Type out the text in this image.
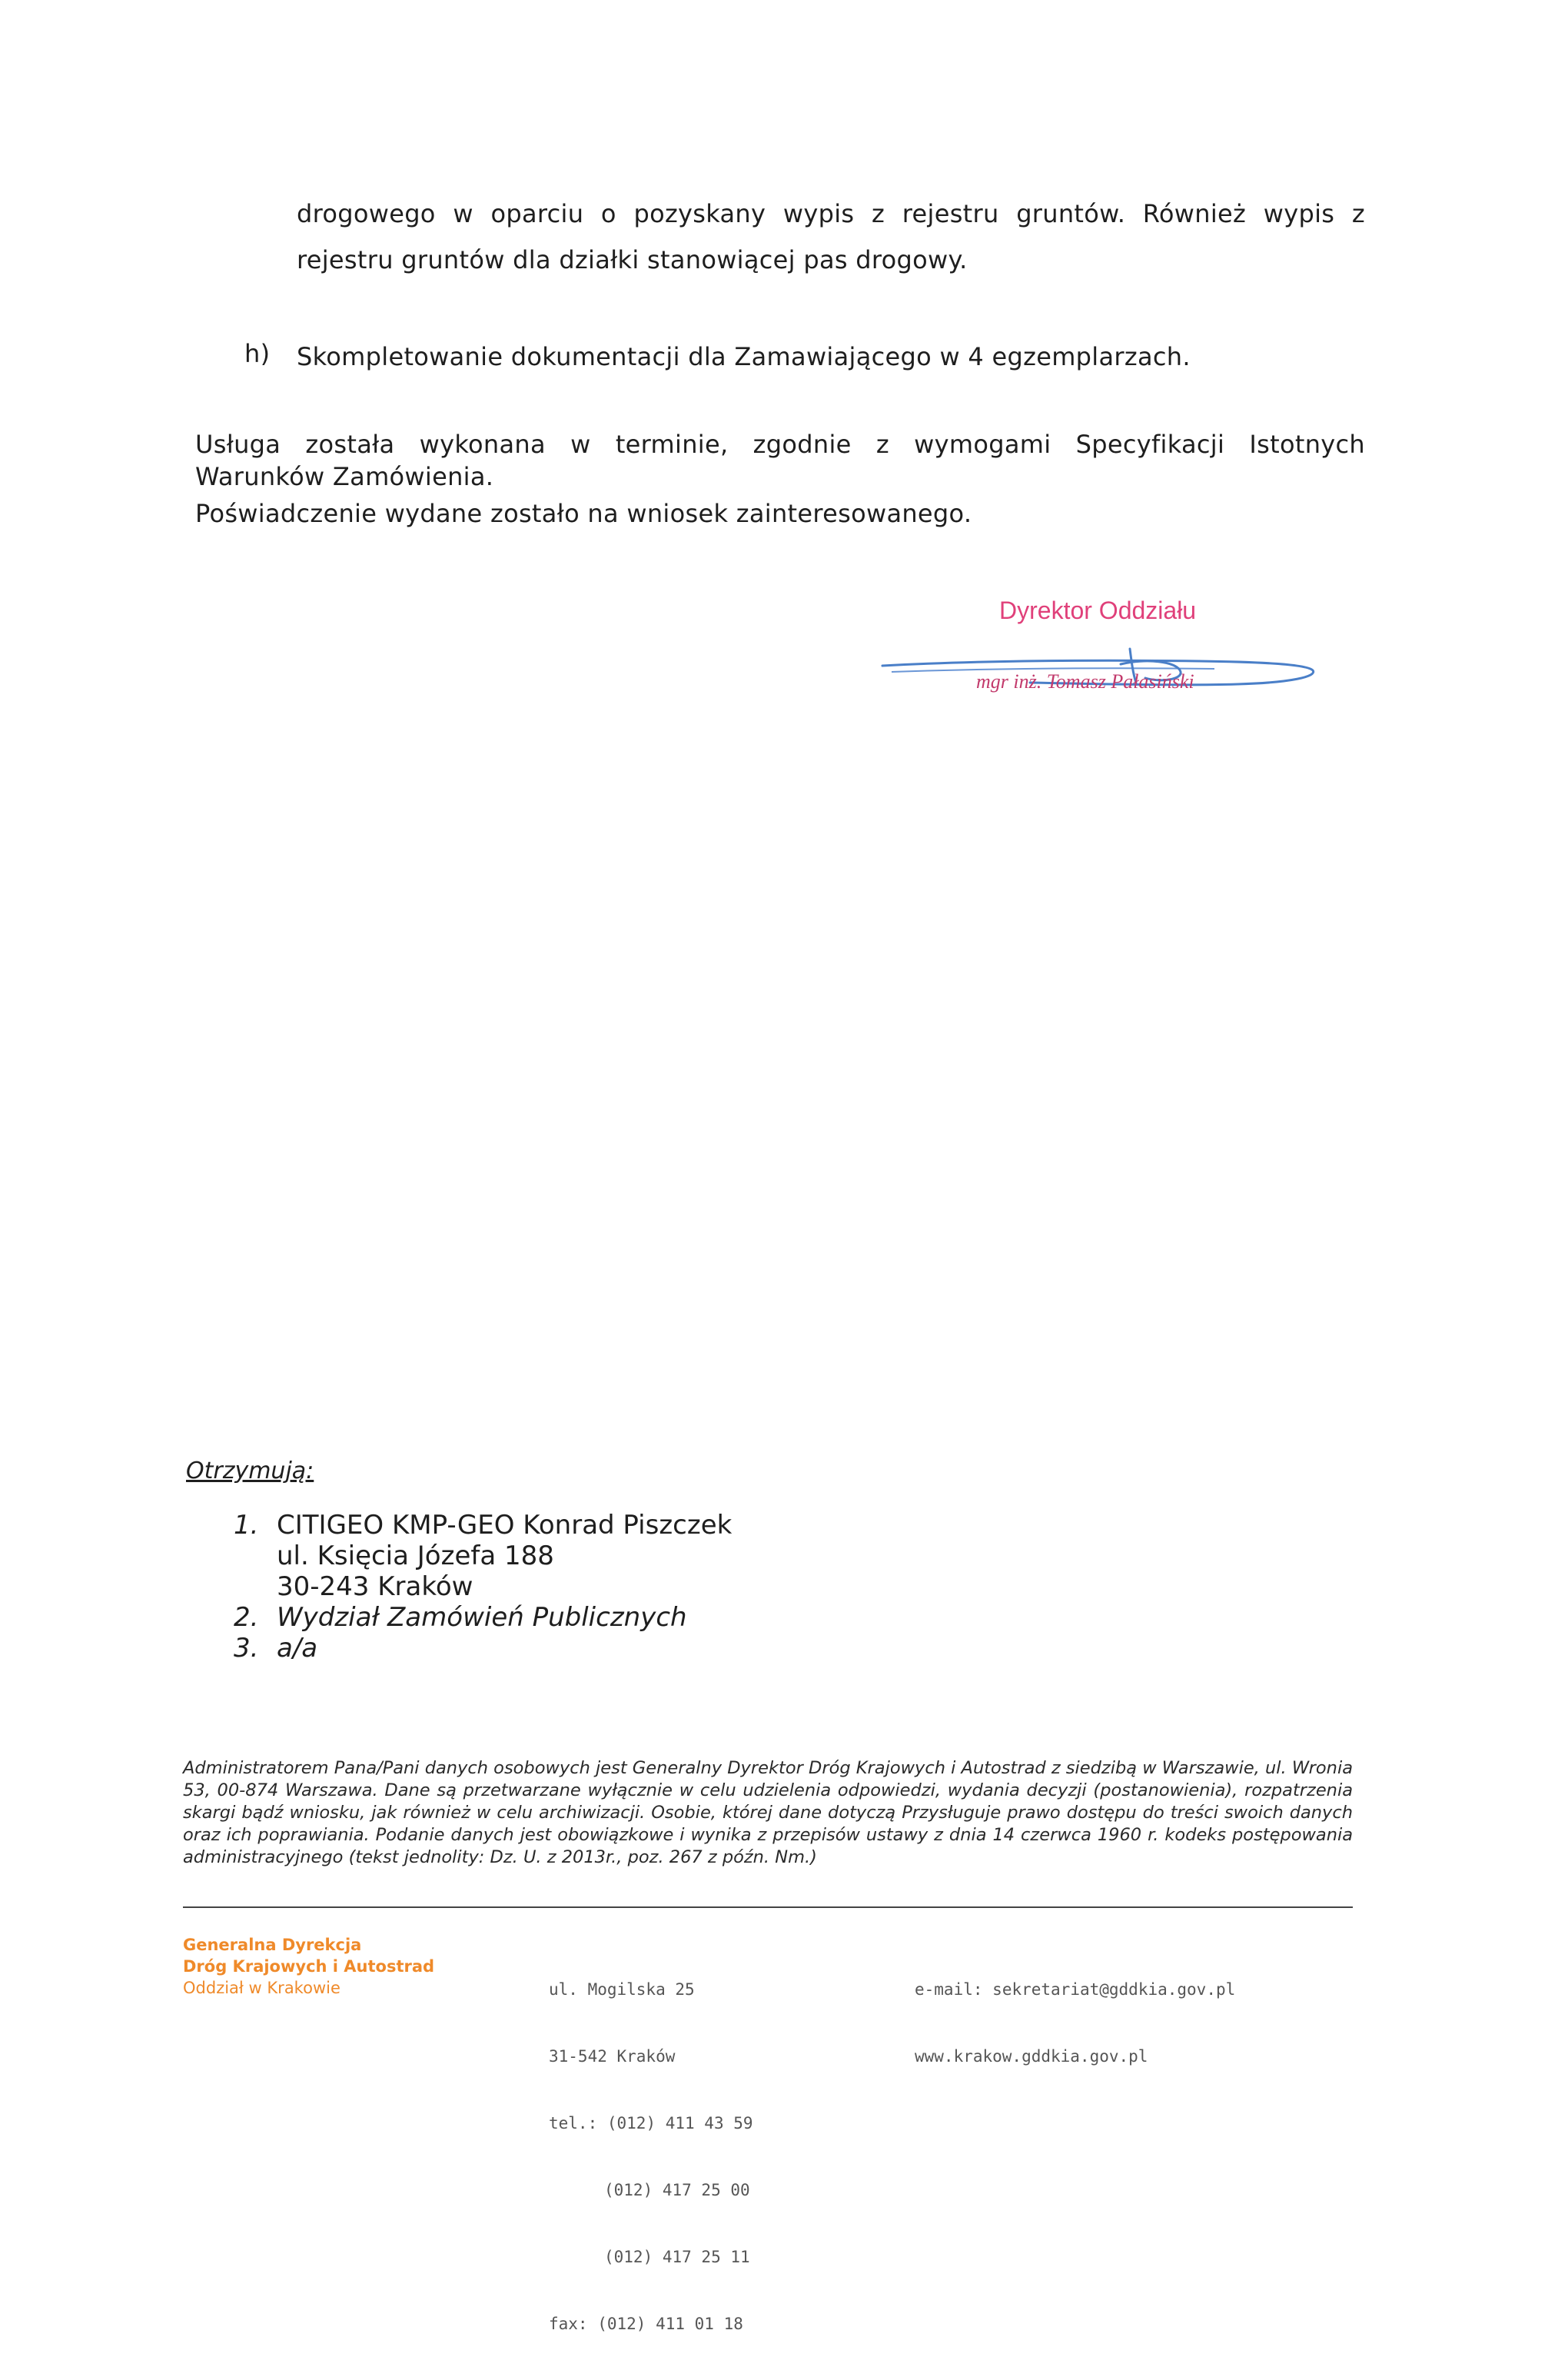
drogowego w oparciu o pozyskany wypis z rejestru gruntów. Również wypis z
rejestru gruntów dla działki stanowiącej pas drogowy.
h)	Skompletowanie dokumentacji dla Zamawiającego w 4 egzemplarzach.
Usługa została wykonana w terminie, zgodnie z wymogami Specyfikacji Istotnych
Warunków Zamówienia.
Poświadczenie wydane zostało na wniosek zainteresowanego.
Dyrektor Oddziału
mgr inż. Tomasz Pałasiński
Otrzymują:
1. CITIGEO KMP-GEO Konrad Piszczek
ul. Księcia Józefa 188
30-243 Kraków
2. Wydział Zamówień Publicznych
3. a/a
Administratorem Pana/Pani danych osobowych jest Generalny Dyrektor Dróg Krajowych i Autostrad z siedzibą w Warszawie, ul. Wronia 53, 00-874 Warszawa. Dane są przetwarzane wyłącznie w celu udzielenia odpowiedzi, wydania decyzji (postanowienia), rozpatrzenia skargi bądź wniosku, jak również w celu archiwizacji. Osobie, której dane dotyczą Przysługuje prawo dostępu do treści swoich danych oraz ich poprawiania. Podanie danych jest obowiązkowe i wynika z przepisów ustawy z dnia 14 czerwca 1960 r. kodeks postępowania administracyjnego (tekst jednolity: Dz. U. z 2013r., poz. 267 z późn. Nm.)
Generalna Dyrekcja
Dróg Krajowych i Autostrad
Oddział w Krakowie

	ul. Mogilska 25

31-542 Kraków

tel.: (012) 411 43 59

(012) 417 25 00

(012) 417 25 11

fax: (012) 411 01 18

e-mail: sekretariat@gddkia.gov.pl

www.krakow.gddkia.gov.pl
